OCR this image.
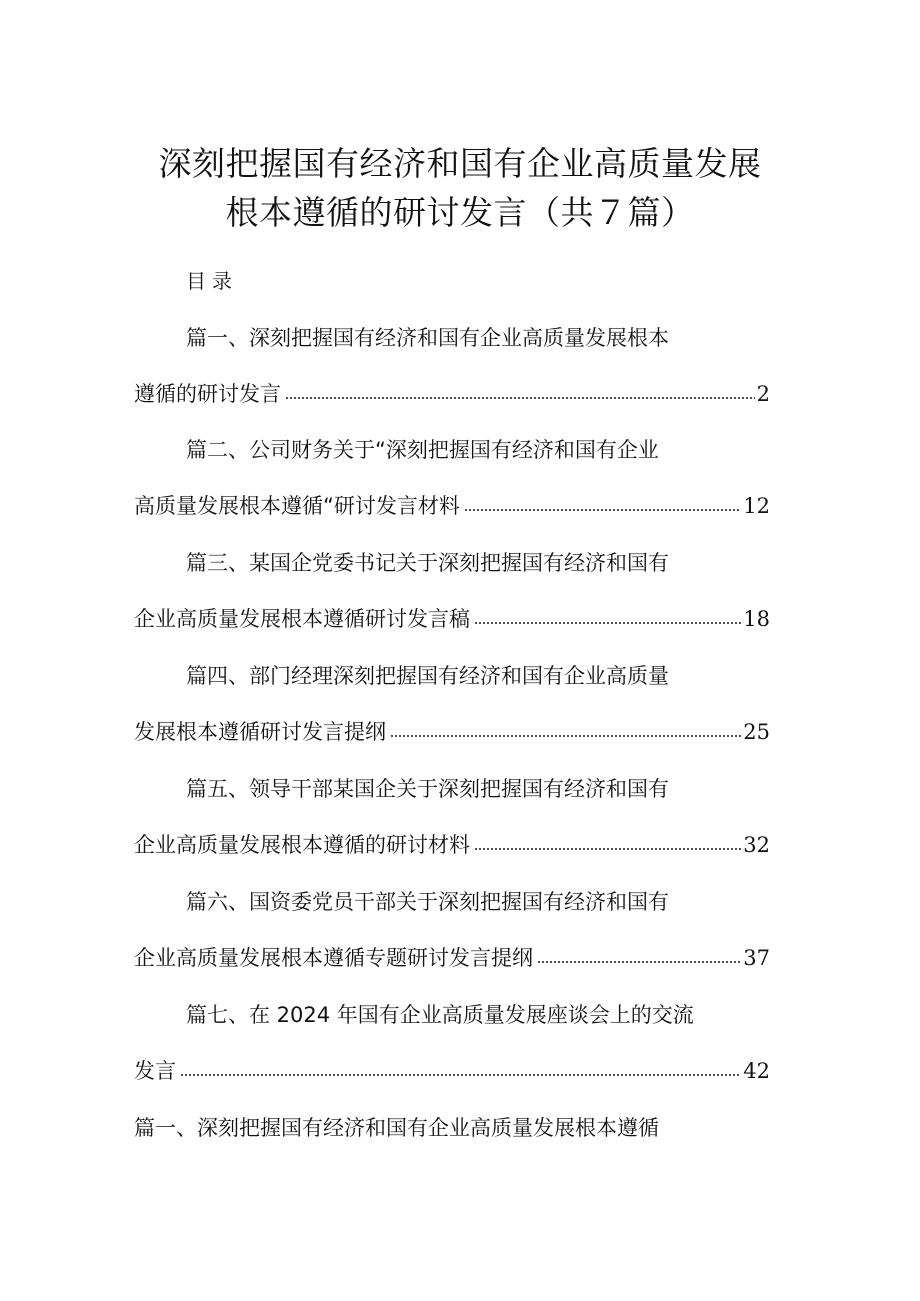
深刻把握国有经济和国有企业高质量发展
根本遵循的研讨发言（共７篇）
目录
篇一、深刻把握国有经济和国有企业高质量发展根本
遵循的研讨发言	2
篇二、公司财务关于“深刻把握国有经济和国有企业
高质量发展根本遵循“研讨发言材料	12
篇三、某国企党委书记关于深刻把握国有经济和国有
企业高质量发展根本遵循研讨发言稿	18
篇四、部门经理深刻把握国有经济和国有企业高质量
发展根本遵循研讨发言提纲	25
篇五、领导干部某国企关于深刻把握国有经济和国有
企业高质量发展根本遵循的研讨材料	32
篇六、国资委党员干部关于深刻把握国有经济和国有
企业高质量发展根本遵循专题研讨发言提纲	37
篇七、在 2024 年国有企业高质量发展座谈会上的交流
发言	42
篇一、深刻把握国有经济和国有企业高质量发展根本遵循
